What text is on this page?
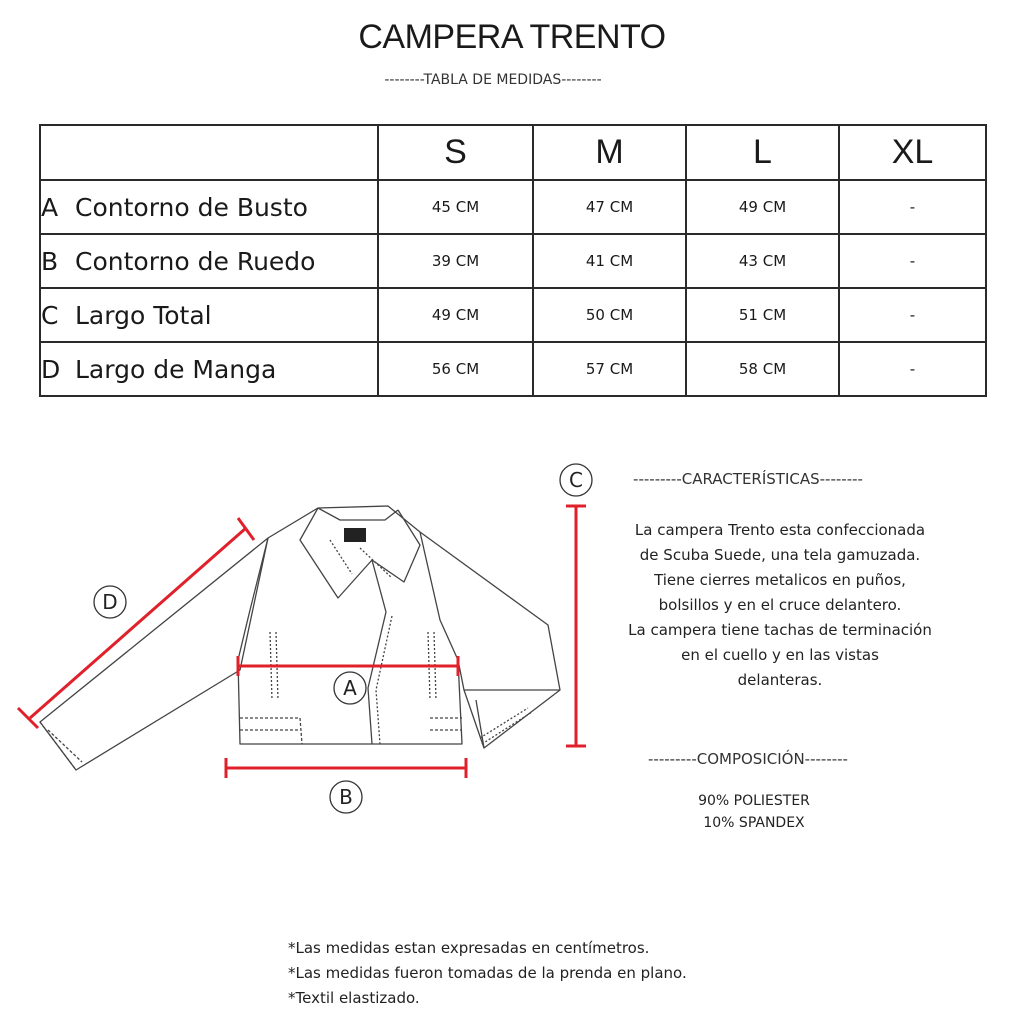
CAMPERA TRENTO
--------TABLA DE MEDIDAS--------
	S	M	L	XL
A Contorno de Busto	45 CM	47 CM	49 CM	-
B Contorno de Ruedo	39 CM	41 CM	43 CM	-
C Largo Total	49 CM	50 CM	51 CM	-
D Largo de Manga	56 CM	57 CM	58 CM	-
D
A
B
C	---------CARACTERÍSTICAS--------
La campera Trento esta confeccionada
de Scuba Suede, una tela gamuzada.
Tiene cierres metalicos en puños,
bolsillos y en el cruce delantero.
La campera tiene tachas de terminación
en el cuello y en las vistas
delanteras.
---------COMPOSICIÓN--------
90% POLIESTER
10% SPANDEX
*Las medidas estan expresadas en centímetros.
*Las medidas fueron tomadas de la prenda en plano.
*Textil elastizado.
